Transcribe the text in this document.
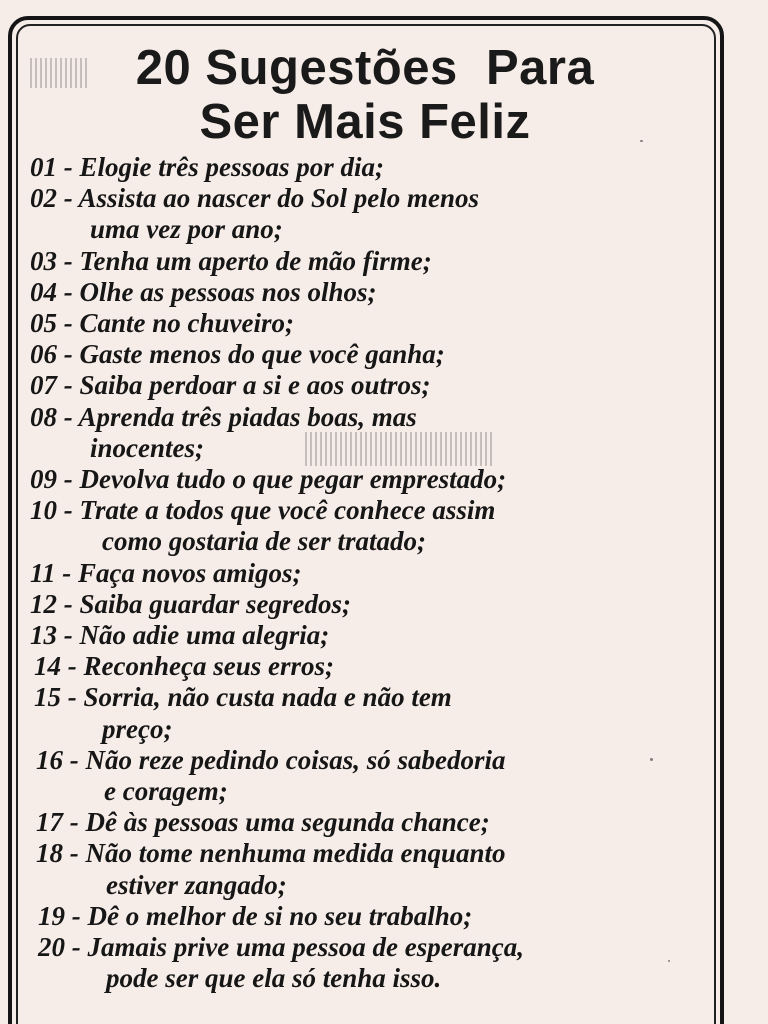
20 Sugestões  Para
Ser Mais Feliz

01 - Elogie três pessoas por dia;

02 - Assista ao nascer do Sol pelo menos

uma vez por ano;

03 - Tenha um aperto de mão firme;

04 - Olhe as pessoas nos olhos;

05 - Cante no chuveiro;

06 - Gaste menos do que você ganha;

07 - Saiba perdoar a si e aos outros;

08 - Aprenda três piadas boas, mas

inocentes;

09 - Devolva tudo o que pegar emprestado;

10 - Trate a todos que você conhece assim

como gostaria de ser tratado;

11 - Faça novos amigos;

12 - Saiba guardar segredos;

13 - Não adie uma alegria;

14 - Reconheça seus erros;

15 - Sorria, não custa nada e não tem

preço;

16 - Não reze pedindo coisas, só sabedoria

e coragem;

17 - Dê às pessoas uma segunda chance;

18 - Não tome nenhuma medida enquanto

estiver zangado;

19 - Dê o melhor de si no seu trabalho;

20 - Jamais prive uma pessoa de esperança,

pode ser que ela só tenha isso.
